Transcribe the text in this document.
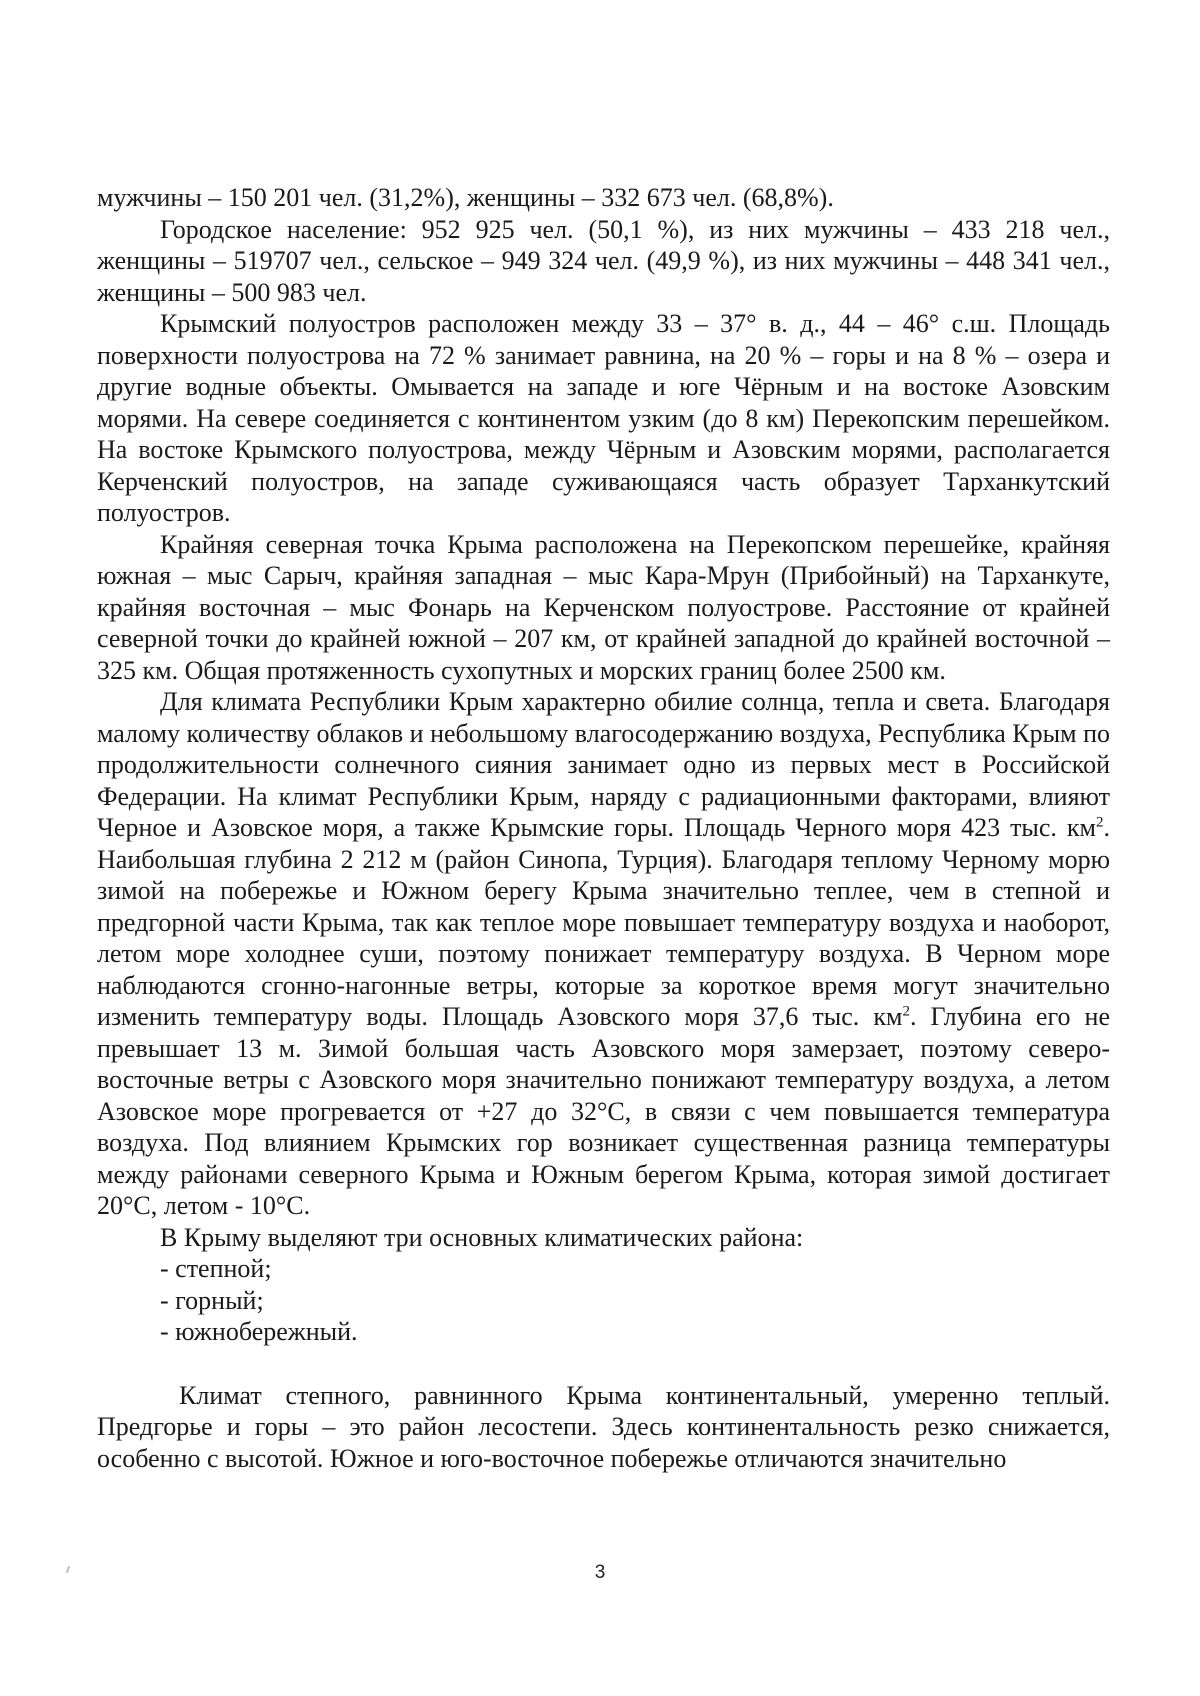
мужчины – 150 201 чел. (31,2%), женщины – 332 673 чел. (68,8%).

Городское население: 952 925 чел. (50,1 %), из них мужчины – 433 218 чел., женщины – 519707 чел., сельское – 949 324 чел. (49,9 %), из них мужчины – 448 341 чел., женщины – 500 983 чел.

Крымский полуостров расположен между 33 – 37° в. д., 44 – 46° с.ш. Площадь поверхности полуострова на 72 % занимает равнина, на 20 % – горы и на 8 % – озера и другие водные объекты. Омывается на западе и юге Чёрным и на востоке Азовским морями. На севере соединяется с континентом узким (до 8 км) Перекопским перешейком. На востоке Крымского полуострова, между Чёрным и Азовским морями, располагается Керченский полуостров, на западе суживающаяся часть образует Тарханкутский полуостров.

Крайняя северная точка Крыма расположена на Перекопском перешейке, крайняя южная – мыс Сарыч, крайняя западная – мыс Кара-Мрун (Прибойный) на Тарханкуте, крайняя восточная – мыс Фонарь на Керченском полуострове. Расстояние от крайней северной точки до крайней южной – 207 км, от крайней западной до крайней восточной –325 км. Общая протяженность сухопутных и морских границ более 2500 км.

Для климата Республики Крым характерно обилие солнца, тепла и света. Благодаря малому количеству облаков и небольшому влагосодержанию воздуха, Республика Крым по продолжительности солнечного сияния занимает одно из первых мест в Российской Федерации. На климат Республики Крым, наряду с радиационными факторами, влияют Черное и Азовское моря, а также Крымские горы. Площадь Черного моря 423 тыс. $км^2$. Наибольшая глубина 2 212 м (район Синопа, Турция). Благодаря теплому Черному морю зимой на побережье и Южном берегу Крыма значительно теплее, чем в степной и предгорной части Крыма, так как теплое море повышает температуру воздуха и наоборот, летом море холоднее суши, поэтому понижает температуру воздуха. В Черном море наблюдаются сгонно-нагонные ветры, которые за короткое время могут значительно изменить температуру воды. Площадь Азовского моря 37,6 тыс. $км^2$. Глубина его не превышает 13 м. Зимой большая часть Азовского моря замерзает, поэтому северо-восточные ветры с Азовского моря значительно понижают температуру воздуха, а летом Азовское море прогревается от +27 до 32°С, в связи с чем повышается температура воздуха. Под влиянием Крымских гор возникает существенная разница температуры между районами северного Крыма и Южным берегом Крыма, которая зимой достигает 20°С, летом - 10°С.

В Крыму выделяют три основных климатических района:

- степной;
- горный;
- южнобережный.

Климат степного, равнинного Крыма континентальный, умеренно теплый. Предгорье и горы – это район лесостепи. Здесь континентальность резко снижается, особенно с высотой. Южное и юго-восточное побережье отличаются значительно

3
